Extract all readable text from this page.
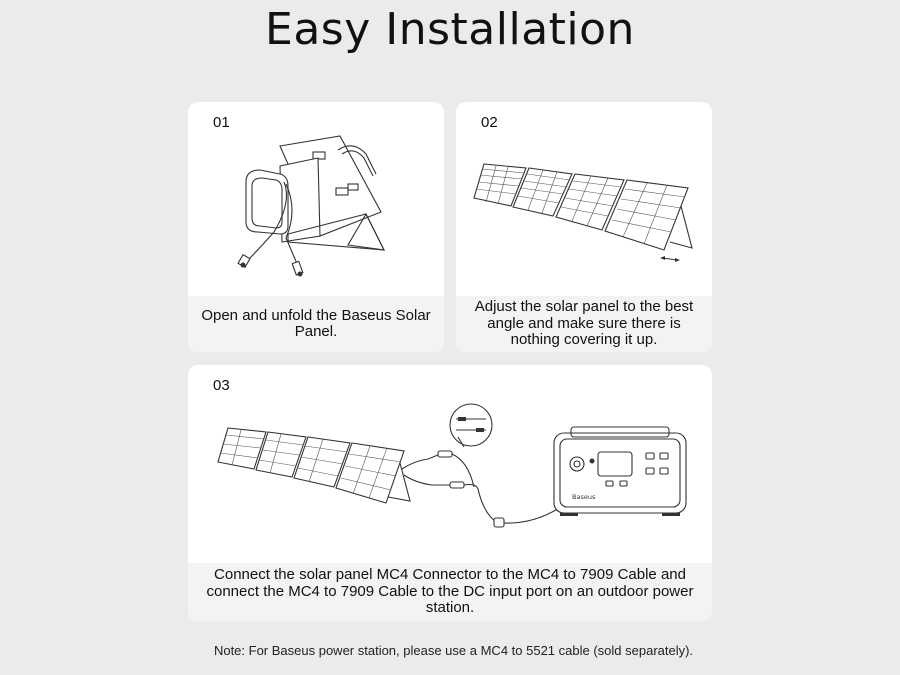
Easy Installation
01
Open and unfold the Baseus Solar Panel.
02
Adjust the solar panel to the best angle and make sure there is nothing covering it up.
Baseus
03
Connect the solar panel MC4 Connector to the MC4 to 7909 Cable and connect the MC4 to 7909 Cable to the DC input port on an outdoor power station.
Note: For Baseus power station, please use a MC4 to 5521 cable (sold separately).
